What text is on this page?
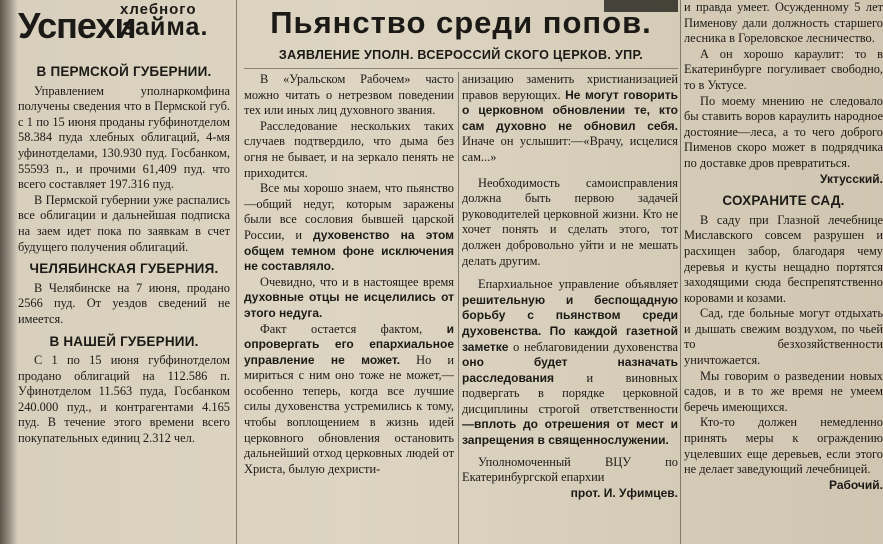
Успехи
хлебного
займа.
В ПЕРМСКОЙ ГУБЕРНИИ.

Управлением уполнаркомфина получены сведения что в Пермской губ. с 1 по 15 июня проданы губфинотделом 58.384 пуда хлебных облигаций, 4-мя уфинотделами, 130.930 пуд. Госбанком, 55593 п., и прочими 61,409 пуд. что всего составляет 197.316 пуд.

В Пермской губернии уже распались все облигации и дальнейшая подписка на заем идет пока по заявкам в счет будущего получения облигаций.

ЧЕЛЯБИНСКАЯ ГУБЕРНИЯ.

В Челябинске на 7 июня, продано 2566 пуд. От уездов сведений не имеется.

В НАШЕЙ ГУБЕРНИИ.

С 1 по 15 июня губфинотделом продано облигаций на 112.586 п. Уфинотделом 11.563 пуда, Госбанком 240.000 пуд., и контрагентами 4.165 пуд. В течение этого времени всего покупательных единиц 2.312 чел.

Пьянство среди попов.
ЗАЯВЛЕНИЕ УПОЛН. ВСЕРОССИЙ СКОГО ЦЕРКОВ. УПР.

В «Уральском Рабочем» часто можно читать о нетрезвом поведении тех или иных лиц духовного звания.

Расследование нескольких таких случаев подтвердило, что дыма без огня не бывает, и на зеркало пенять не приходится.

Все мы хорошо знаем, что пьянство—общий недуг, которым заражены были все сословия бывшей царской России, и духовенство на этом общем темном фоне исключения не составляло.

Очевидно, что и в настоящее время духовные отцы не исцелились от этого недуга.

Факт остается фактом, и опровергать его епархиальное управление не может. Но и мириться с ним оно тоже не может,—особенно теперь, когда все лучшие силы духовенства устремились к тому, чтобы воплощением в жизнь идей церковного обновления остановить дальнейший отход церковных людей от Христа, былую дехристи-

анизацию заменить христианизацией правов верующих. Не могут говорить о церковном обновлении те, кто сам духовно не обновил себя. Иначе он услышит:—«Врачу, исцелися сам...»

Необходимость самоисправления должна быть первою задачей руководителей церковной жизни. Кто не хочет понять и сделать этого, тот должен добровольно уйти и не мешать делать другим.

Епархиальное управление объявляет решительную и беспощадную борьбу с пьянством среди духовенства. По каждой газетной заметке о неблаговидении духовенства оно будет назначать расследования и виновных подвергать в порядке церковной дисциплины строгой ответственности —вплоть до отрешения от мест и запрещения в священнослужении.

Уполномоченный ВЦУ по Екатеринбургской епархии

прот. И. Уфимцев.

и правда умеет. Осужденному 5 лет Пименову дали должность старшего лесника в Гореловское лесничество.

А он хорошо караулит: то в Екатеринбурге погуливает свободно, то в Уктусе.

По моему мнению не следовало бы ставить воров караулить народное достояние—леса, а то чего доброго Пименов скоро может в подрядчика по доставке дров превратиться.

Уктусский.

СОХРАНИТЕ САД.

В саду при Глазной лечебнице Миславского совсем разрушен и расхищен забор, благодаря чему деревья и кусты нещадно портятся заходящими сюда беспрепятственно коровами и козами.

Сад, где больные могут отдыхать и дышать свежим воздухом, по чьей то безхозяйственности уничтожается.

Мы говорим о разведении новых садов, и в то же время не умеем беречь имеющихся.

Кто-то должен немедленно принять меры к ограждению уцелевших еще деревьев, если этого не делает заведующий лечебницей.

Рабочий.
